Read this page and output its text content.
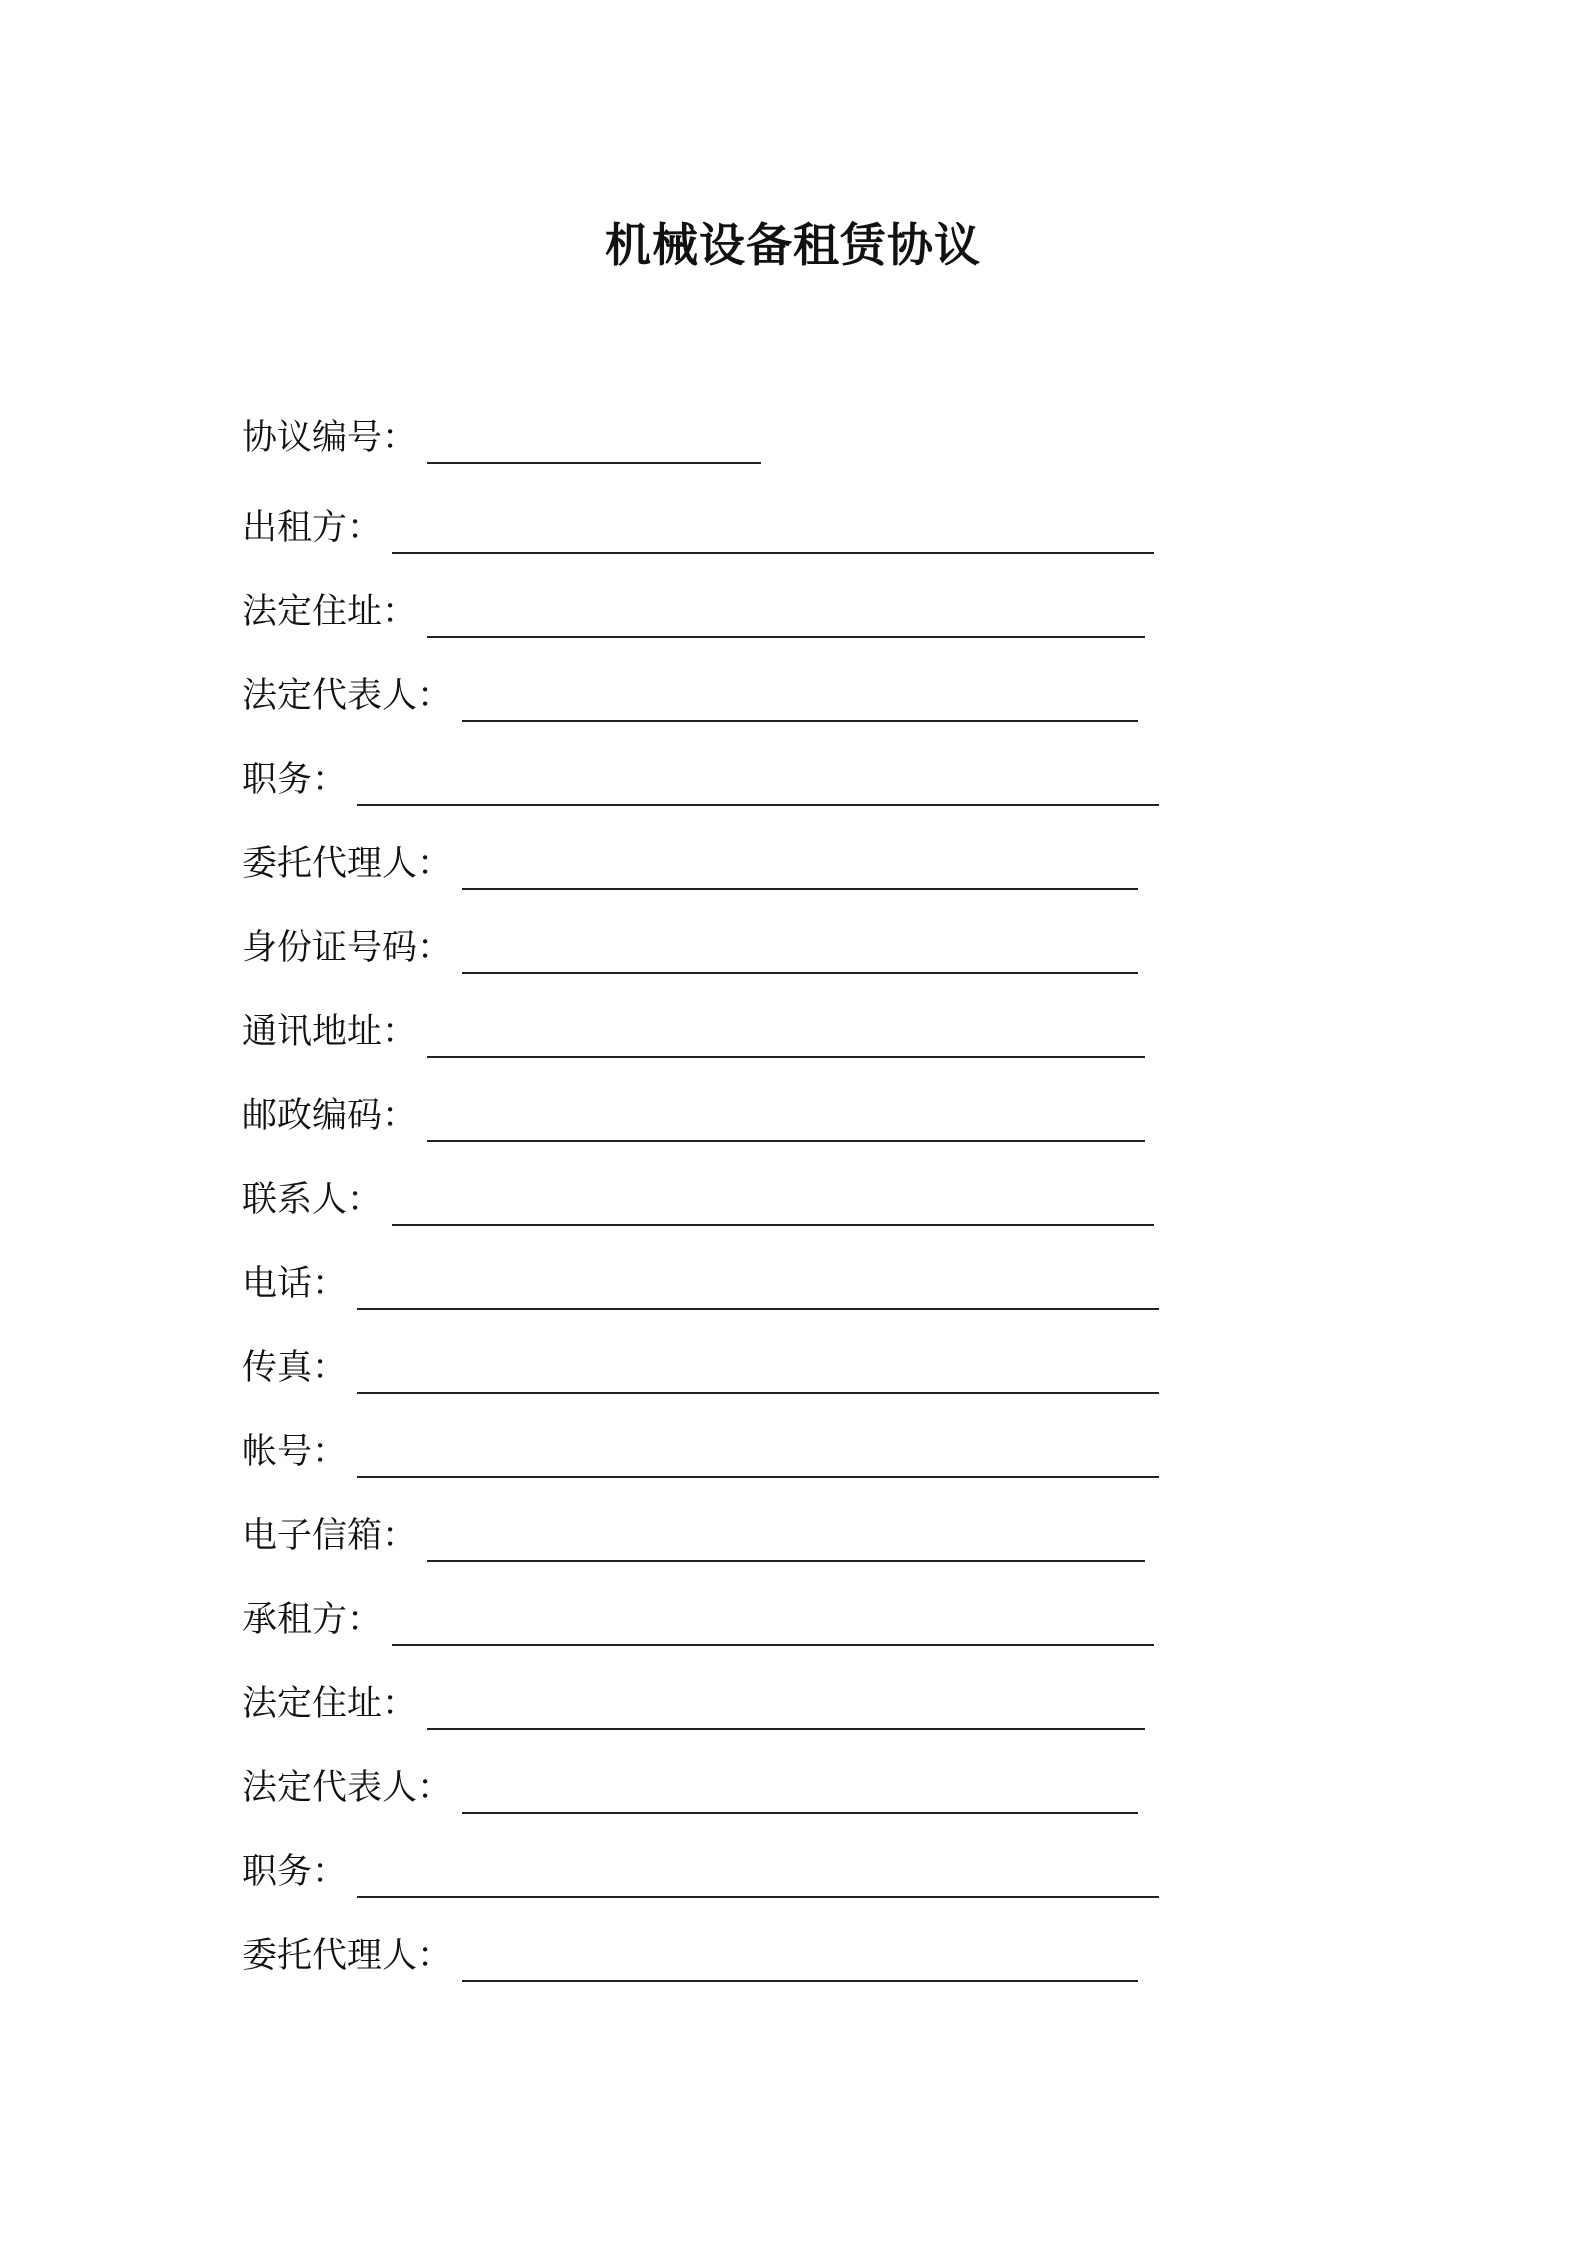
机械设备租赁协议
协议编号：
出租方：
法定住址：
法定代表人：
职务：
委托代理人：
身份证号码：
通讯地址：
邮政编码：
联系人：
电话：
传真：
帐号：
电子信箱：
承租方：
法定住址：
法定代表人：
职务：
委托代理人：
